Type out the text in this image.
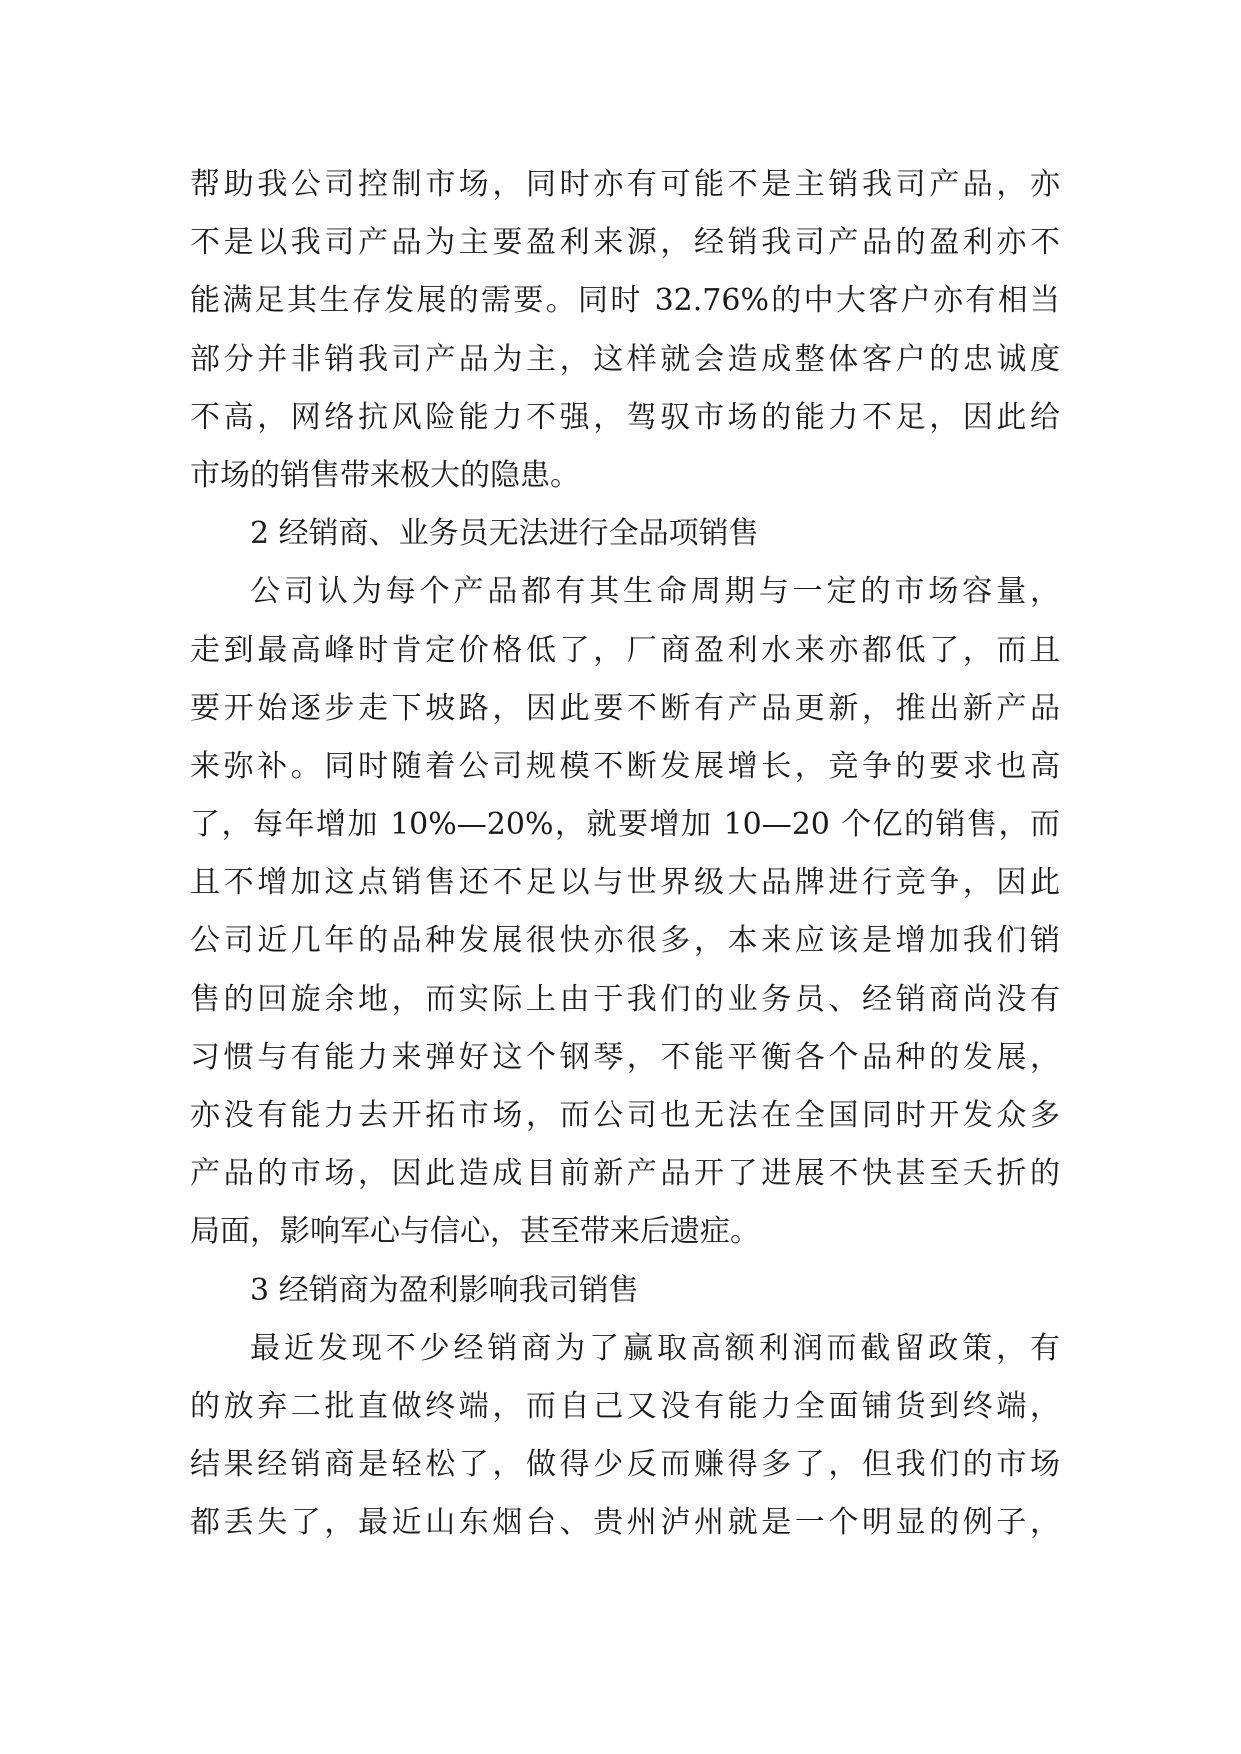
帮助我公司控制市场，同时亦有可能不是主销我司产品，亦
不是以我司产品为主要盈利来源，经销我司产品的盈利亦不
能满足其生存发展的需要。同时 32.76%的中大客户亦有相当
部分并非销我司产品为主，这样就会造成整体客户的忠诚度
不高，网络抗风险能力不强，驾驭市场的能力不足，因此给
市场的销售带来极大的隐患。
2 经销商、业务员无法进行全品项销售
公司认为每个产品都有其生命周期与一定的市场容量，
走到最高峰时肯定价格低了，厂商盈利水来亦都低了，而且
要开始逐步走下坡路，因此要不断有产品更新，推出新产品
来弥补。同时随着公司规模不断发展增长，竞争的要求也高
了，每年增加 10%—20%，就要增加 10—20 个亿的销售，而
且不增加这点销售还不足以与世界级大品牌进行竞争，因此
公司近几年的品种发展很快亦很多，本来应该是增加我们销
售的回旋余地，而实际上由于我们的业务员、经销商尚没有
习惯与有能力来弹好这个钢琴，不能平衡各个品种的发展，
亦没有能力去开拓市场，而公司也无法在全国同时开发众多
产品的市场，因此造成目前新产品开了进展不快甚至夭折的
局面，影响军心与信心，甚至带来后遗症。
3 经销商为盈利影响我司销售
最近发现不少经销商为了赢取高额利润而截留政策，有
的放弃二批直做终端，而自己又没有能力全面铺货到终端，
结果经销商是轻松了，做得少反而赚得多了，但我们的市场
都丢失了，最近山东烟台、贵州泸州就是一个明显的例子，
